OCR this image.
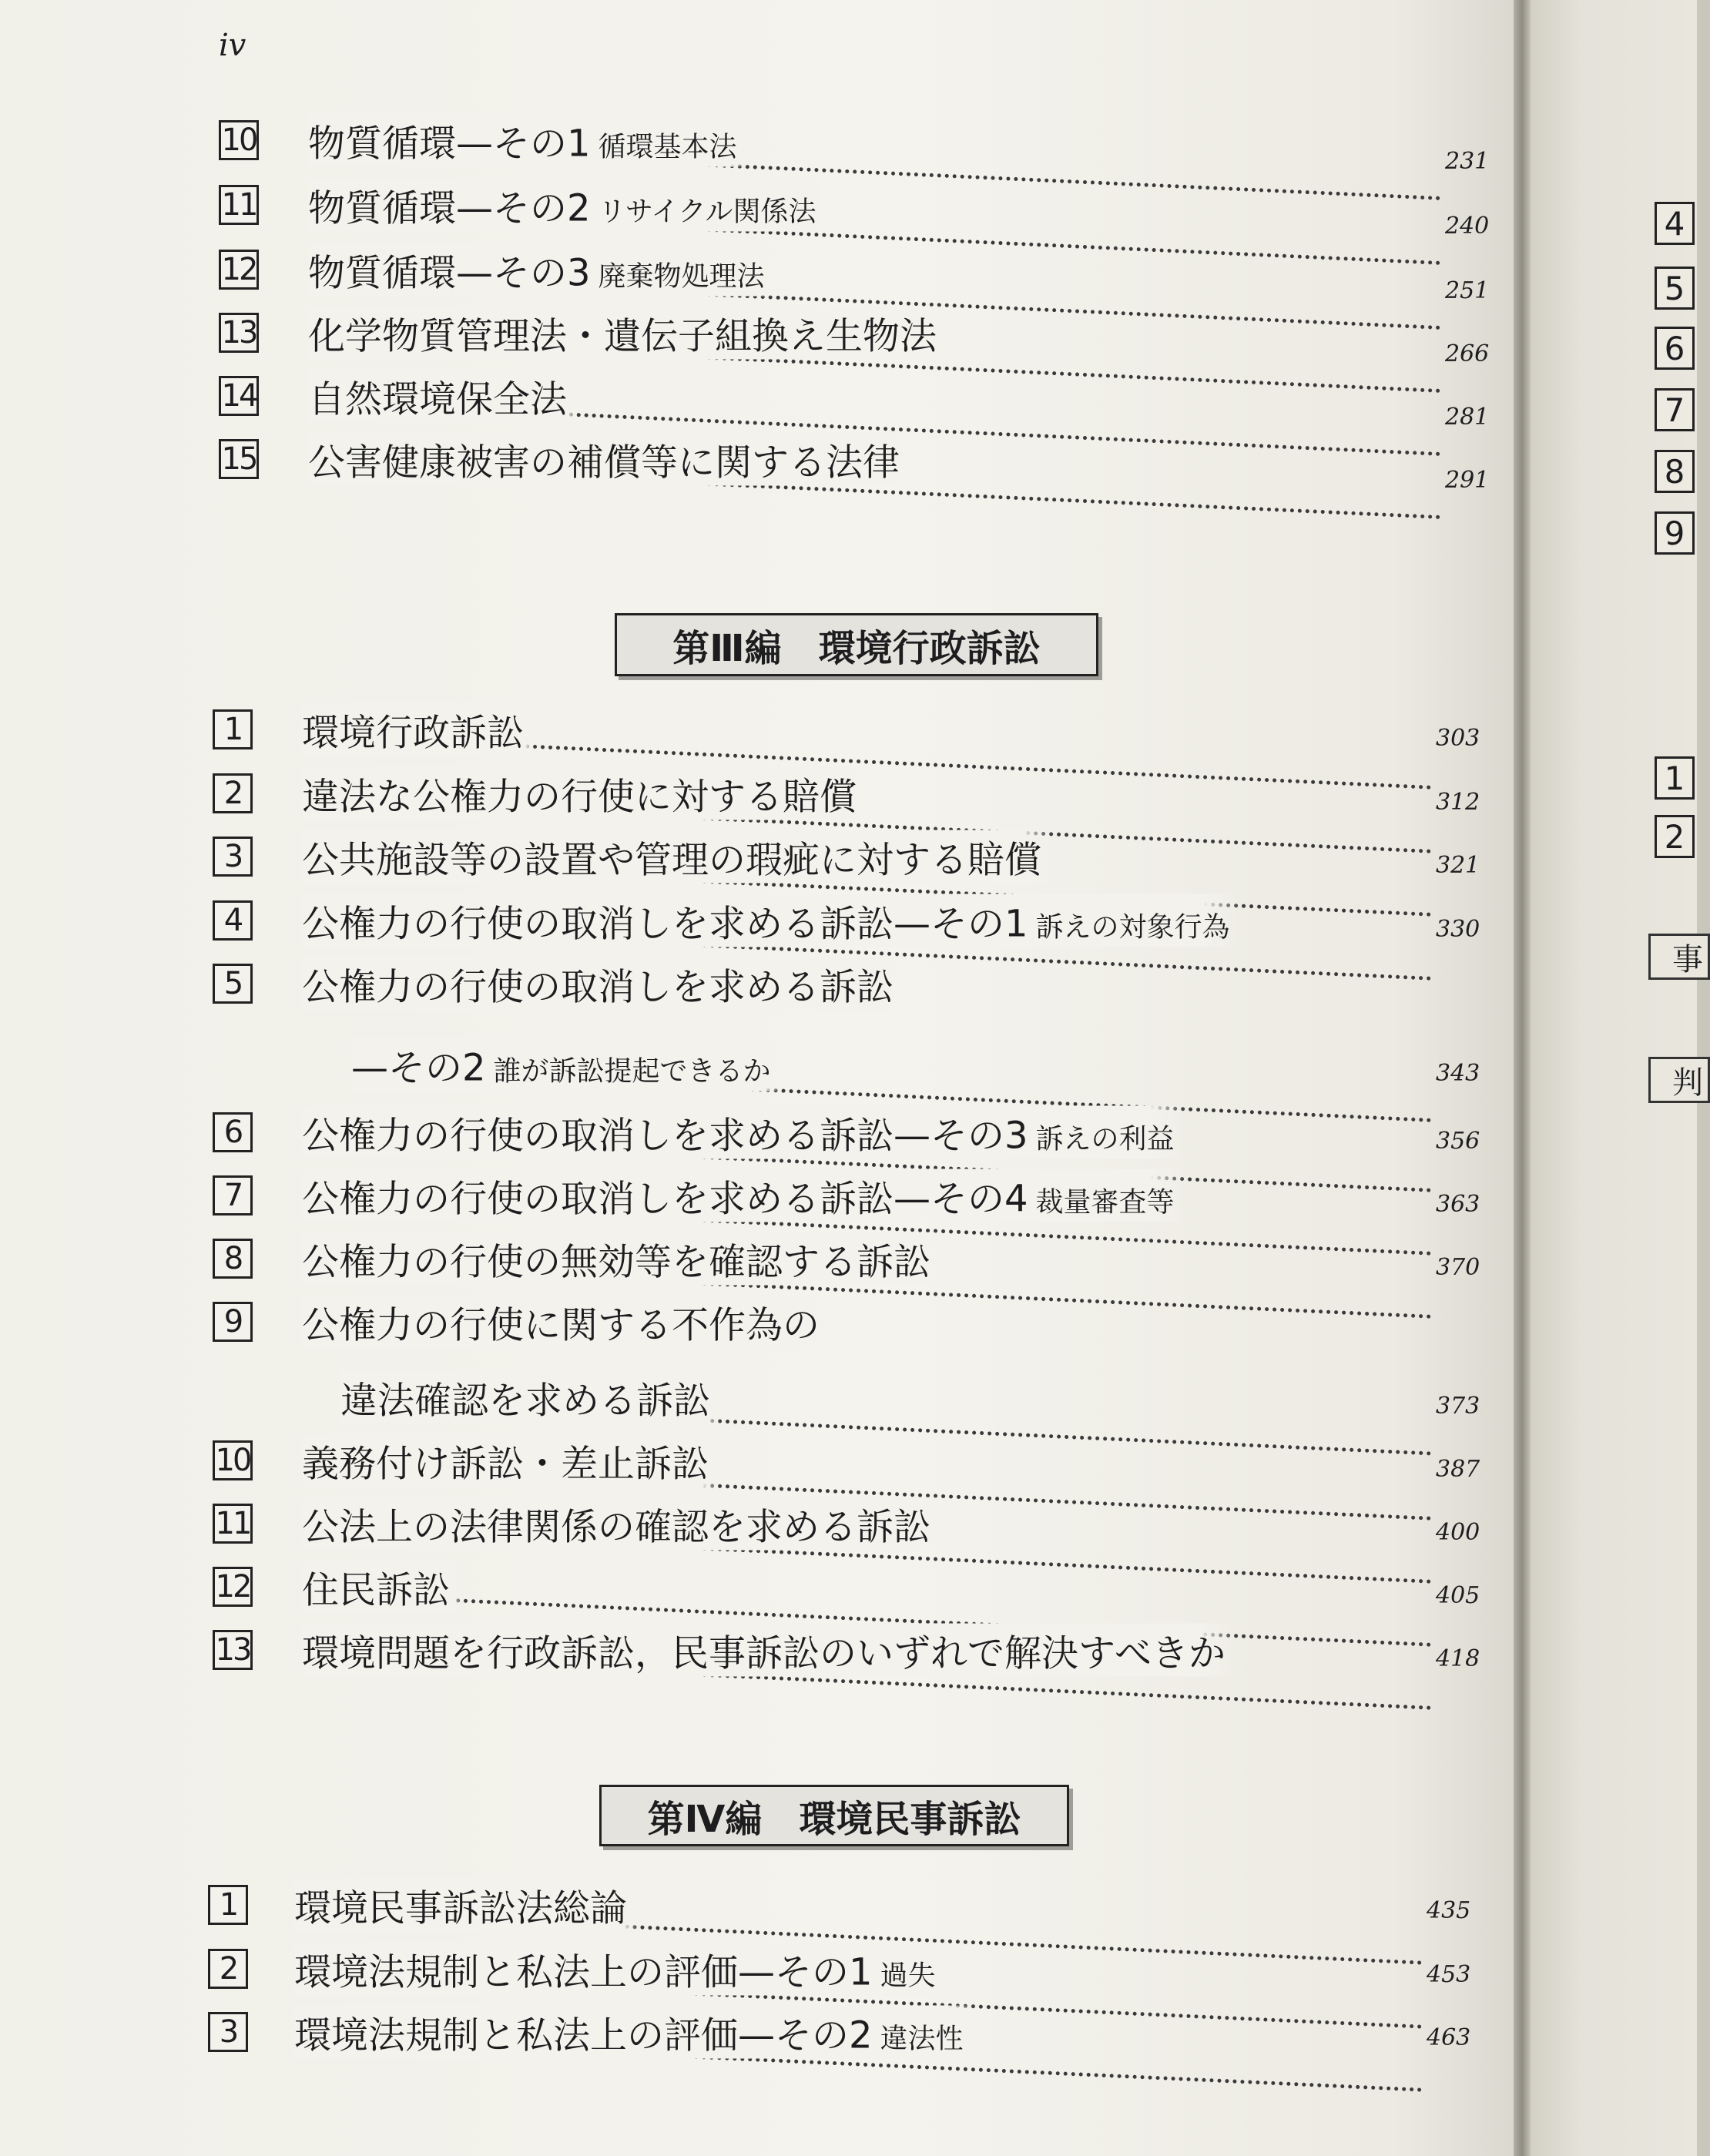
iv
10 物質循環—その1 循環基本法	231
11 物質循環—その2 リサイクル関係法	240
12 物質循環—その3 廃棄物処理法	251
13 化学物質管理法・遺伝子組換え生物法	266
14 自然環境保全法	281
15 公害健康被害の補償等に関する法律	291
1	環境行政訴訟	303
2	違法な公権力の行使に対する賠償	312
3	公共施設等の設置や管理の瑕疵に対する賠償	321
4	公権力の行使の取消しを求める訴訟—その1 訴えの対象行為	330
5	公権力の行使の取消しを求める訴訟
—その2 誰が訴訟提起できるか	343
6	公権力の行使の取消しを求める訴訟—その3 訴えの利益	356
7	公権力の行使の取消しを求める訴訟—その4 裁量審査等	363
8	公権力の行使の無効等を確認する訴訟	370
9	公権力の行使に関する不作為の
違法確認を求める訴訟	373
10 義務付け訴訟・差止訴訟	387
11 公法上の法律関係の確認を求める訴訟	400
12 住民訴訟	405
13 環境問題を行政訴訟，民事訴訟のいずれで解決すべきか	418
1	環境民事訴訟法総論	435
2	環境法規制と私法上の評価—その1 過失	453
3	環境法規制と私法上の評価—その2 違法性	463
第Ⅲ編　環境行政訴訟
第Ⅳ編　環境民事訴訟
4
5
6
7
8
9
1
2
事
判
